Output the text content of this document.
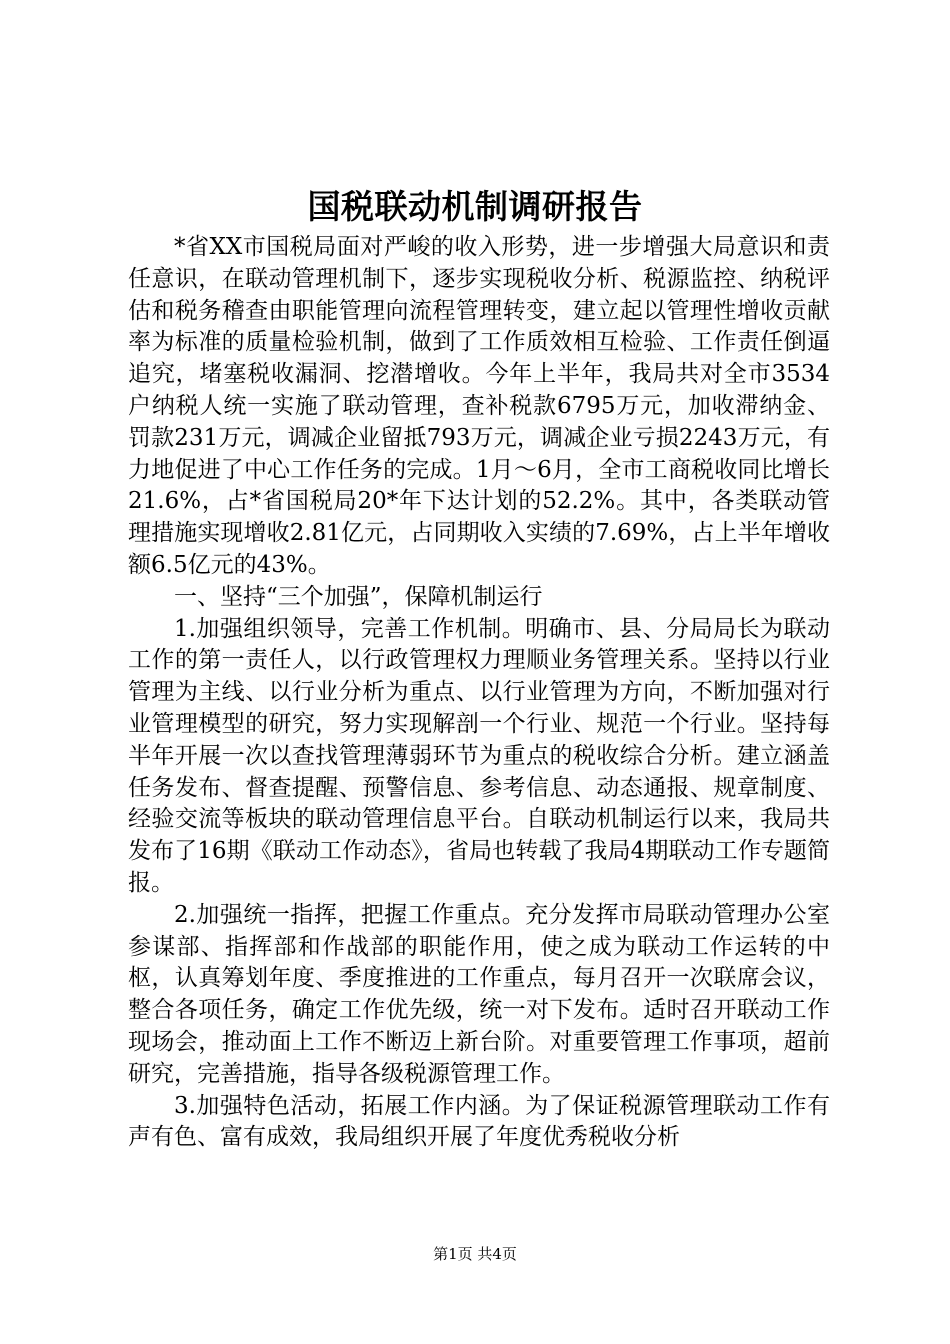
国税联动机制调研报告

*省XX市国税局面对严峻的收入形势，进一步增强大局意识和责任意识，在联动管理机制下，逐步实现税收分析、税源监控、纳税评估和税务稽查由职能管理向流程管理转变，建立起以管理性增收贡献率为标准的质量检验机制，做到了工作质效相互检验、工作责任倒逼追究，堵塞税收漏洞、挖潜增收。今年上半年，我局共对全市3534户纳税人统一实施了联动管理，查补税款6795万元，加收滞纳金、罚款231万元，调减企业留抵793万元，调减企业亏损2243万元，有力地促进了中心工作任务的完成。1月～6月，全市工商税收同比增长21.6%，占*省国税局20*年下达计划的52.2%。其中，各类联动管理措施实现增收2.81亿元，占同期收入实绩的7.69%，占上半年增收额6.5亿元的43%。

一、坚持“三个加强”，保障机制运行

1.加强组织领导，完善工作机制。明确市、县、分局局长为联动工作的第一责任人，以行政管理权力理顺业务管理关系。坚持以行业管理为主线、以行业分析为重点、以行业管理为方向，不断加强对行业管理模型的研究，努力实现解剖一个行业、规范一个行业。坚持每半年开展一次以查找管理薄弱环节为重点的税收综合分析。建立涵盖任务发布、督查提醒、预警信息、参考信息、动态通报、规章制度、经验交流等板块的联动管理信息平台。自联动机制运行以来，我局共发布了16期《联动工作动态》，省局也转载了我局4期联动工作专题简报。

2.加强统一指挥，把握工作重点。充分发挥市局联动管理办公室参谋部、指挥部和作战部的职能作用，使之成为联动工作运转的中枢，认真筹划年度、季度推进的工作重点，每月召开一次联席会议，整合各项任务，确定工作优先级，统一对下发布。适时召开联动工作现场会，推动面上工作不断迈上新台阶。对重要管理工作事项，超前研究，完善措施，指导各级税源管理工作。

3.加强特色活动，拓展工作内涵。为了保证税源管理联动工作有声有色、富有成效，我局组织开展了年度优秀税收分析

第1页 共4页
